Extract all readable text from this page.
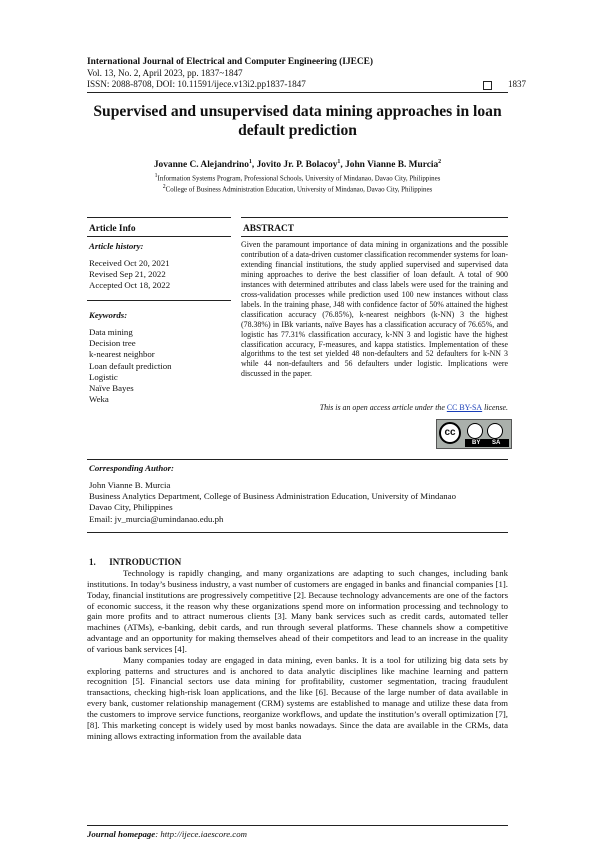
International Journal of Electrical and Computer Engineering (IJECE)
Vol. 13, No. 2, April 2023, pp. 1837~1847
ISSN: 2088-8708, DOI: 10.11591/ijece.v13i2.pp1837-1847	1837
Supervised and unsupervised data mining approaches in loan
default prediction
Jovanne C. Alejandrino$^1$, Jovito Jr. P. Bolacoy$^1$, John Vianne B. Murcia$^2$
$^1$Information Systems Program, Professional Schools, University of Mindanao, Davao City, Philippines
$^2$College of Business Administration Education, University of Mindanao, Davao City, Philippines
Article Info	ABSTRACT
Article history:
Received Oct 20, 2021
Revised Sep 21, 2022
Accepted Oct 18, 2022
Keywords:
Data mining
Decision tree
k-nearest neighbor
Loan default prediction
Logistic
Naïve Bayes
Weka
Given the paramount importance of data mining in organizations and the possible contribution of a data-driven customer classification recommender systems for loan-extending financial institutions, the study applied supervised and supervised data mining approaches to derive the best classifier of loan default. A total of 900 instances with determined attributes and class labels were used for the training and cross-validation processes while prediction used 100 new instances without class labels. In the training phase, J48 with confidence factor of 50% attained the highest classification accuracy (76.85%), k-nearest neighbors (k-NN) 3 the highest (78.38%) in IBk variants, naïve Bayes has a classification accuracy of 76.65%, and logistic has 77.31% classification accuracy, k-NN 3 and logistic have the highest classification accuracy, F-measures, and kappa statistics. Implementation of these algorithms to the test set yielded 48 non-defaulters and 52 defaulters for k-NN 3 while 44 non-defaulters and 56 defaulters under logistic. Implications were discussed in the paper.
This is an open access article under the CC BY-SA license.
cc
BY SA
Corresponding Author:
John Vianne B. Murcia
Business Analytics Department, College of Business Administration Education, University of Mindanao
Davao City, Philippines
Email: jv_murcia@umindanao.edu.ph
1.      INTRODUCTION

Technology is rapidly changing, and many organizations are adapting to such changes, including bank institutions. In today’s business industry, a vast number of customers are engaged in banks and financial companies [1]. Today, financial institutions are progressively competitive [2]. Because technology advancements are one of the factors of economic success, it the reason why these organizations spend more on information processing and technology to gain more profits and to attract numerous clients [3]. Many bank services such as credit cards, automated teller machines (ATMs), e-banking, debit cards, and run through several platforms. These channels show a competitive advantage and an opportunity for making themselves ahead of their competitors and lead to an increase in the quality of various bank services [4].

Many companies today are engaged in data mining, even banks. It is a tool for utilizing big data sets by exploring patterns and structures and is anchored to data analytic disciplines like machine learning and pattern recognition [5]. Financial sectors use data mining for profitability, customer segmentation, tracing fraudulent transactions, checking high-risk loan applications, and the like [6]. Because of the large number of data available in every bank, customer relationship management (CRM) systems are established to manage and utilize these data from the customers to improve service functions, reorganize workflows, and update the institution’s overall optimization [7], [8]. This marketing concept is widely used by most banks nowadays. Since the data are available in the CRMs, data mining allows extracting information from the available data

Journal homepage: http://ijece.iaescore.com
